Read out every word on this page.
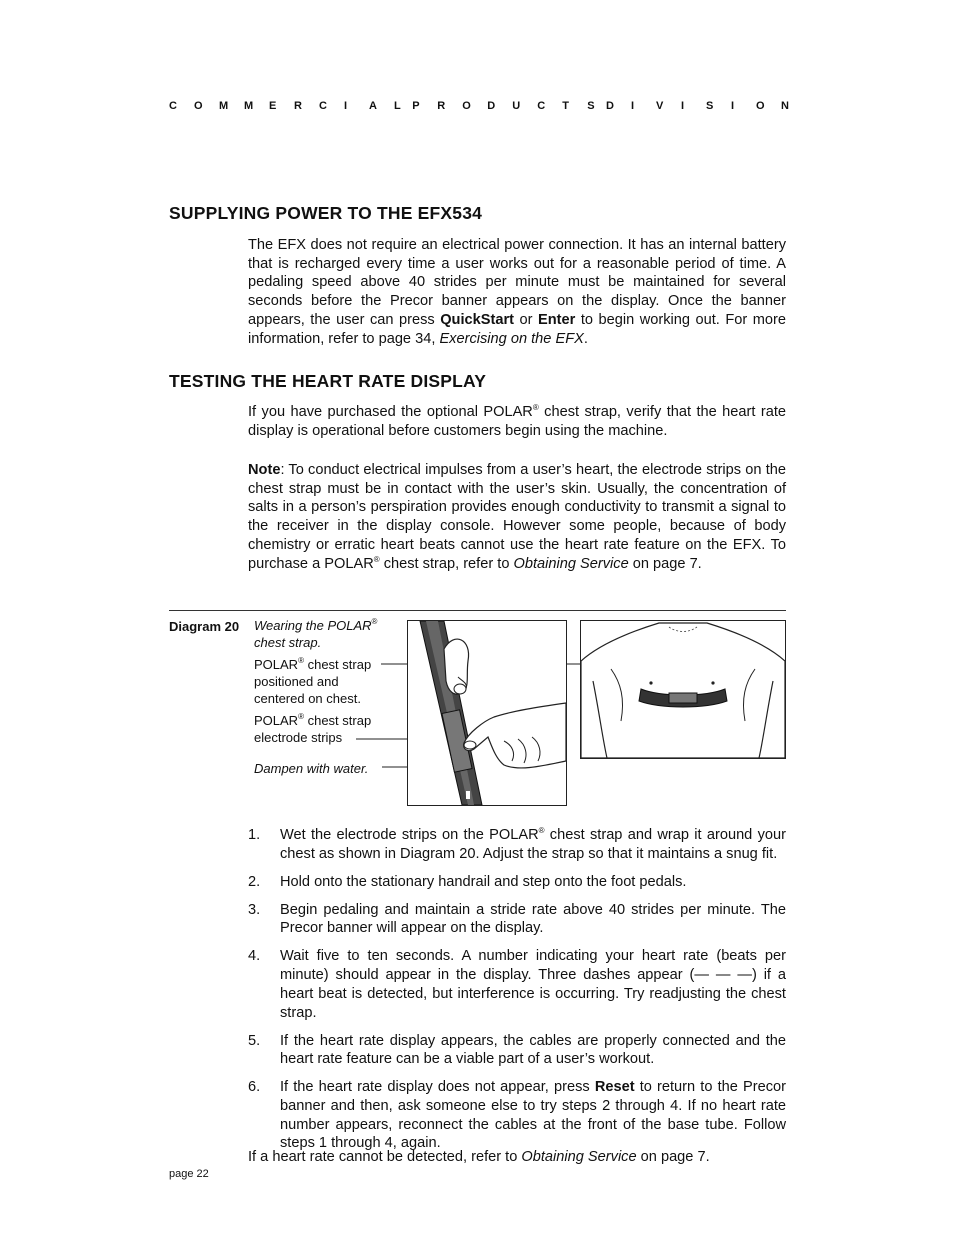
C	O	M	M	E	R	C	I	A	L P	R	O	D	U	C	T	S D	I	V	I	S	I	O	N
SUPPLYING POWER TO THE EFX534
The EFX does not require an electrical power connection. It has an internal battery that is recharged every time a user works out for a reasonable period of time. A pedaling speed above 40 strides per minute must be maintained for several seconds before the Precor banner appears on the display. Once the banner appears, the user can press QuickStart or Enter to begin working out. For more information, refer to page 34, Exercising on the EFX.
TESTING THE HEART RATE DISPLAY
If you have purchased the optional POLAR® chest strap, verify that the heart rate display is operational before customers begin using the machine.
Note: To conduct electrical impulses from a user’s heart, the electrode strips on the chest strap must be in contact with the user’s skin. Usually, the concentration of salts in a person’s perspiration provides enough conductivity to transmit a signal to the receiver in the display console. However some people, because of body chemistry or erratic heart beats cannot use the heart rate feature on the EFX. To purchase a POLAR® chest strap, refer to Obtaining Service on page 7.
Diagram 20 Wearing the POLAR®
chest strap.
POLAR® chest strap
positioned and
centered on chest.
POLAR® chest strap
electrode strips
Dampen with water.
1.	Wet the electrode strips on the POLAR® chest strap and wrap it around your chest as shown in Diagram 20. Adjust the strap so that it maintains a snug fit.
2.	Hold onto the stationary handrail and step onto the foot pedals.
3.	Begin pedaling and maintain a stride rate above 40 strides per minute. The Precor banner will appear on the display.
4.	Wait five to ten seconds. A number indicating your heart rate (beats per minute) should appear in the display. Three dashes appear (— — —) if a heart beat is detected, but interference is occurring. Try readjusting the chest strap.
5.	If the heart rate display appears, the cables are properly connected and the heart rate feature can be a viable part of a user’s workout.
6.	If the heart rate display does not appear, press Reset to return to the Precor banner and then, ask someone else to try steps 2 through 4. If no heart rate number appears, reconnect the cables at the front of the base tube. Follow steps 1 through 4, again.
If a heart rate cannot be detected, refer to Obtaining Service on page 7.
page 22
